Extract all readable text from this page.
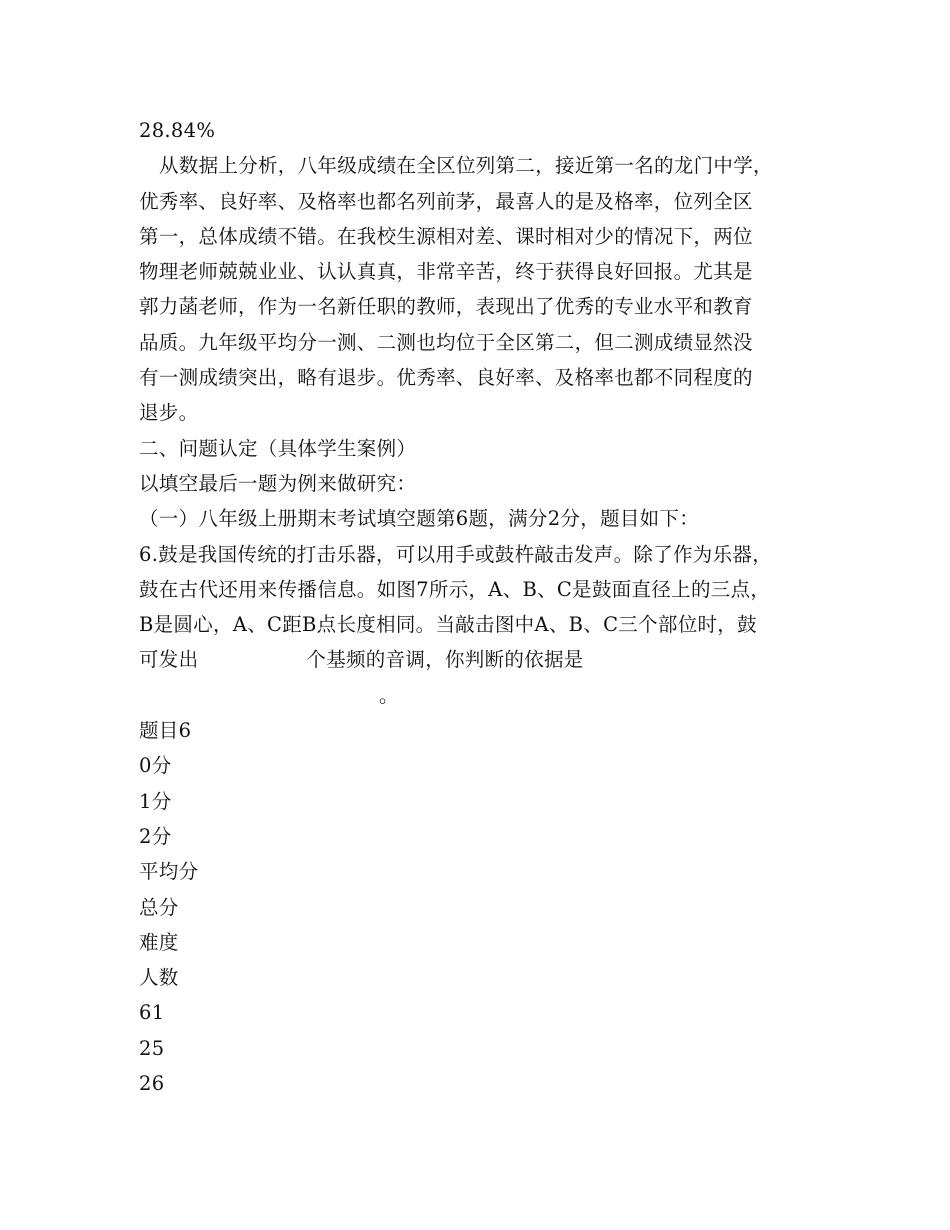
28.84%
从数据上分析，八年级成绩在全区位列第二，接近第一名的龙门中学，
优秀率、良好率、及格率也都名列前茅，最喜人的是及格率，位列全区
第一，总体成绩不错。在我校生源相对差、课时相对少的情况下，两位
物理老师兢兢业业、认认真真，非常辛苦，终于获得良好回报。尤其是
郭力菡老师，作为一名新任职的教师，表现出了优秀的专业水平和教育
品质。九年级平均分一测、二测也均位于全区第二，但二测成绩显然没
有一测成绩突出，略有退步。优秀率、良好率、及格率也都不同程度的
退步。
二、问题认定（具体学生案例）
以填空最后一题为例来做研究：
（一）八年级上册期末考试填空题第6题，满分2分，题目如下：
6.鼓是我国传统的打击乐器，可以用手或鼓杵敲击发声。除了作为乐器，
鼓在古代还用来传播信息。如图7所示，A、B、C是鼓面直径上的三点，
B是圆心，A、C距B点长度相同。当敲击图中A、B、C三个部位时，鼓
可发出	个基频的音调，你判断的依据是
。
题目6
0分
1分
2分
平均分
总分
难度
人数
61
25
26
